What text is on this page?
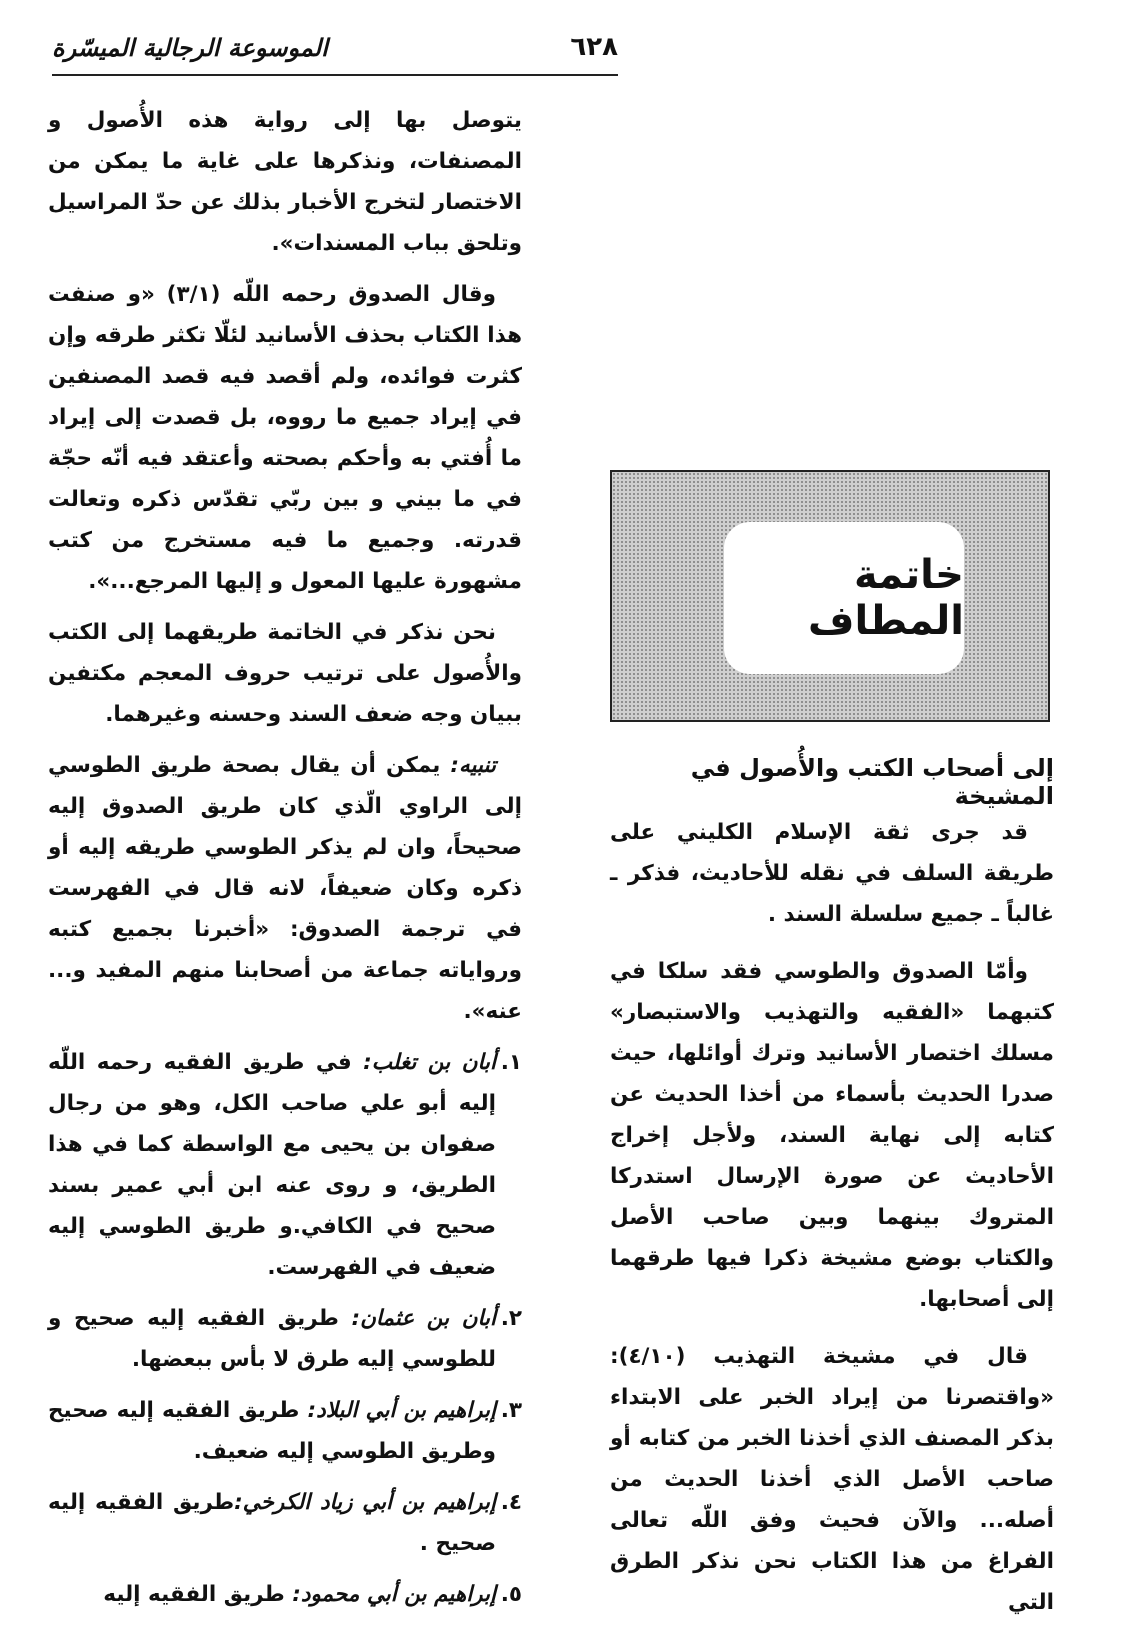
الموسوعة الرجالية الميسّرة	٦٢٨

يتوصل بها إلى رواية هذه الأُصول و المصنفات، ونذكرها على غاية ما يمكن من الاختصار لتخرج الأخبار بذلك عن حدّ المراسيل وتلحق بباب المسندات».

وقال الصدوق رحمه اللّه (٣/١) «و صنفت هذا الكتاب بحذف الأسانيد لئلّا تكثر طرقه وإن كثرت فوائده، ولم أقصد فيه قصد المصنفين في إيراد جميع ما رووه، بل قصدت إلى إيراد ما أُفتي به وأحكم بصحته وأعتقد فيه أنّه حجّة في ما بيني و بين ربّي تقدّس ذكره وتعالت قدرته. وجميع ما فيه مستخرج من كتب مشهورة عليها المعول و إليها المرجع...».

نحن نذكر في الخاتمة طريقهما إلى الكتب والأُصول على ترتيب حروف المعجم مكتفين ببيان وجه ضعف السند وحسنه وغيرهما.

تنبيه: يمكن أن يقال بصحة طريق الطوسي إلى الراوي الّذي كان طريق الصدوق إليه صحيحاً، وان لم يذكر الطوسي طريقه إليه أو ذكره وكان ضعيفاً، لانه قال في الفهرست في ترجمة الصدوق: «أخبرنا بجميع كتبه ورواياته جماعة من أصحابنا منهم المفيد و... عنه».

١.أبان بن تغلب: في طريق الفقيه رحمه اللّه إليه أبو علي صاحب الكل، وهو من رجال صفوان بن يحيى مع الواسطة كما في هذا الطريق، و روى عنه ابن أبي عمير بسند صحيح في الكافي.و طريق الطوسي إليه ضعيف في الفهرست.
٢.أبان بن عثمان: طريق الفقيه إليه صحيح و للطوسي إليه طرق لا بأس ببعضها.
٣.إبراهيم بن أبي البلاد: طريق الفقيه إليه صحيح وطريق الطوسي إليه ضعيف.
٤.إبراهيم بن أبي زياد الكرخي:طريق الفقيه إليه صحيح .
٥.إبراهيم بن أبي محمود: طريق الفقيه إليه
خاتمة المطاف
إلى أصحاب الكتب والأُصول في المشيخة

قد جرى ثقة الإسلام الكليني على طريقة السلف في نقله للأحاديث، فذكر ـ غالباً ـ جميع سلسلة السند .

وأمّا الصدوق والطوسي فقد سلكا في كتبهما «الفقيه والتهذيب والاستبصار» مسلك اختصار الأسانيد وترك أوائلها، حيث صدرا الحديث بأسماء من أخذا الحديث عن كتابه إلى نهاية السند، ولأجل إخراج الأحاديث عن صورة الإرسال استدركا المتروك بينهما وبين صاحب الأصل والكتاب بوضع مشيخة ذكرا فيها طرقهما إلى أصحابها.

قال في مشيخة التهذيب (٤/١٠): «واقتصرنا من إيراد الخبر على الابتداء بذكر المصنف الذي أخذنا الخبر من كتابه أو صاحب الأصل الذي أخذنا الحديث من أصله... والآن فحيث وفق اللّه تعالى الفراغ من هذا الكتاب نحن نذكر الطرق التي
